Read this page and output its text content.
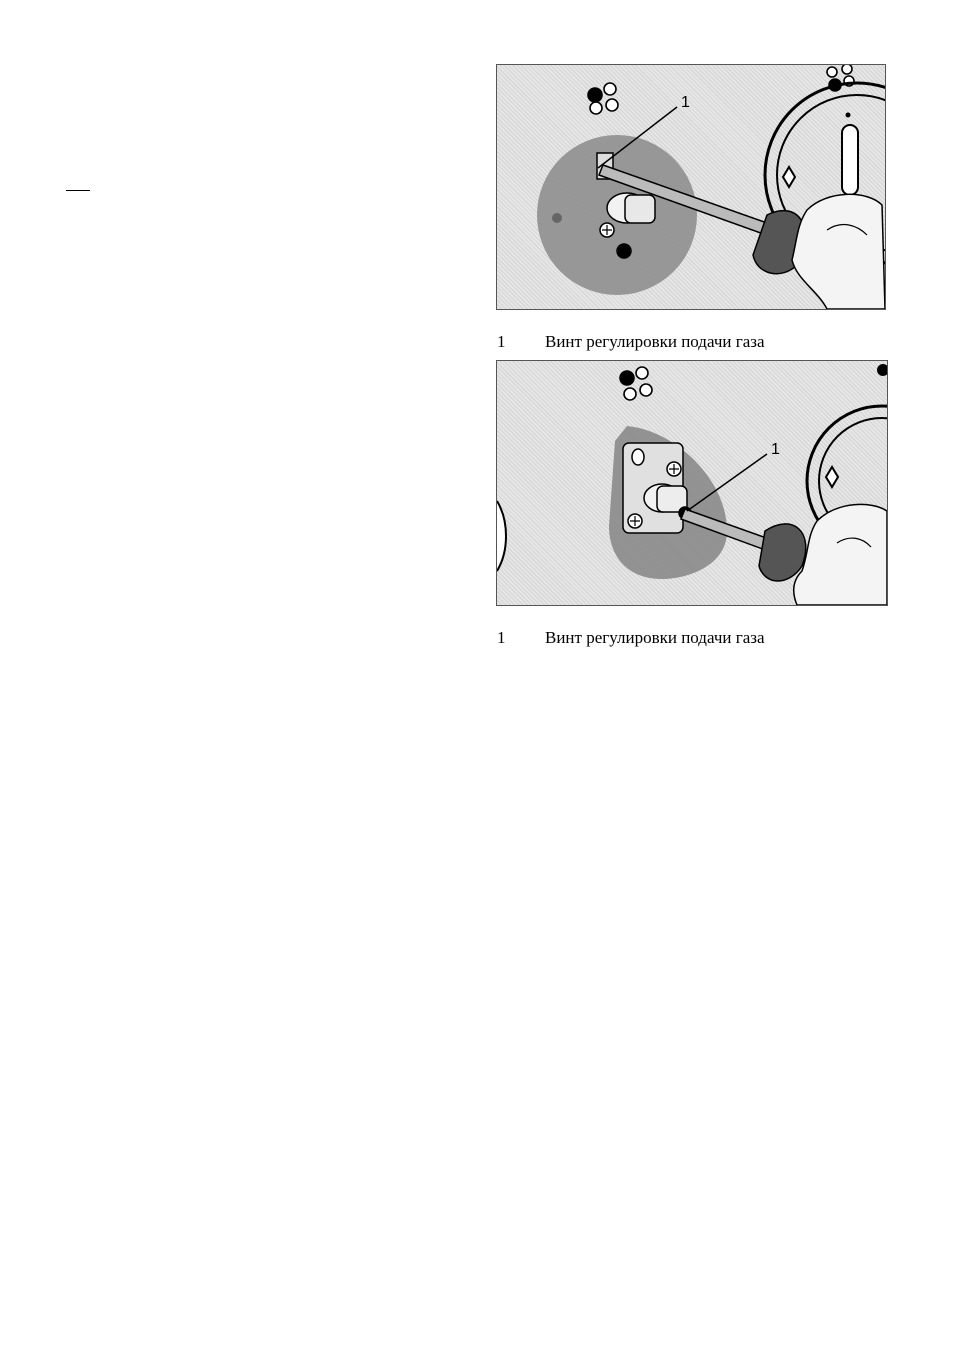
1
1 Винт регулировки подачи газа
1
1 Винт регулировки подачи газа
